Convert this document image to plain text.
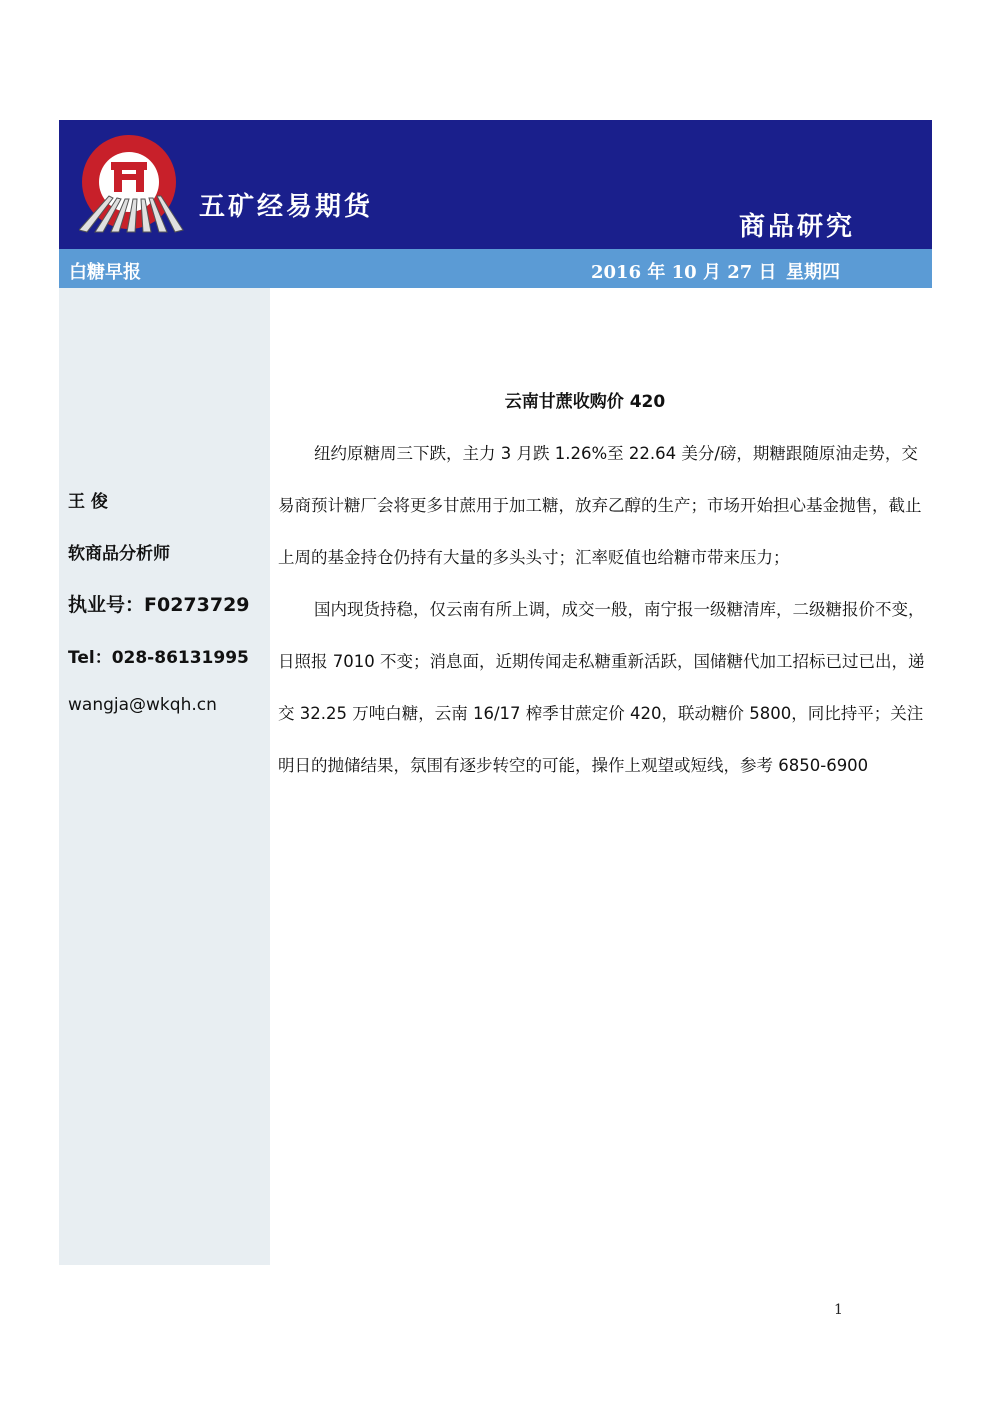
五矿经易期货
商品研究
白糖早报	2016 年 10 月 27 日 星期四
王 俊
软商品分析师
执业号：F0273729
Tel：028-86131995
wangja@wkqh.cn
云南甘蔗收购价 420

纽约原糖周三下跌，主力 3 月跌 1.26%至 22.64 美分/磅，期糖跟随原油走势，交易商预计糖厂会将更多甘蔗用于加工糖，放弃乙醇的生产；市场开始担心基金抛售，截止上周的基金持仓仍持有大量的多头头寸；汇率贬值也给糖市带来压力；

国内现货持稳，仅云南有所上调，成交一般，南宁报一级糖清库，二级糖报价不变，日照报 7010 不变；消息面，近期传闻走私糖重新活跃，国储糖代加工招标已过已出，递交 32.25 万吨白糖，云南 16/17 榨季甘蔗定价 420，联动糖价 5800，同比持平；关注明日的抛储结果，氛围有逐步转空的可能，操作上观望或短线，参考 6850-6900

1
